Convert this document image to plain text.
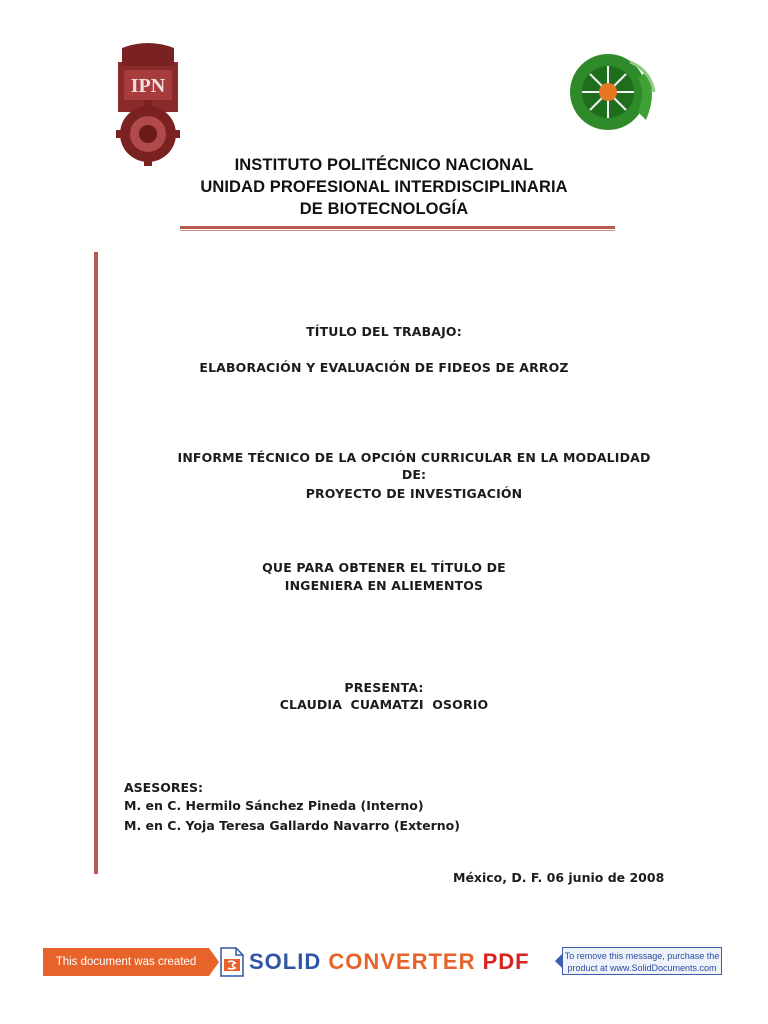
IPN
INSTITUTO POLITÉCNICO NACIONAL
UNIDAD PROFESIONAL INTERDISCIPLINARIA
DE BIOTECNOLOGÍA
TÍTULO DEL TRABAJO:
ELABORACIÓN Y EVALUACIÓN DE FIDEOS DE ARROZ
INFORME TÉCNICO DE LA OPCIÓN CURRICULAR EN LA MODALIDAD
DE:
PROYECTO DE INVESTIGACIÓN
QUE PARA OBTENER EL TÍTULO DE
INGENIERA EN ALIEMENTOS
PRESENTA:
CLAUDIA CUAMATZI OSORIO
ASESORES:
M. en C. Hermilo Sánchez Pineda (Interno)
M. en C. Yoja Teresa Gallardo Navarro (Externo)
México, D. F. 06 junio de 2008
This document was created using
SOLID CONVERTER PDF	To remove this message, purchase the product at www.SolidDocuments.com
